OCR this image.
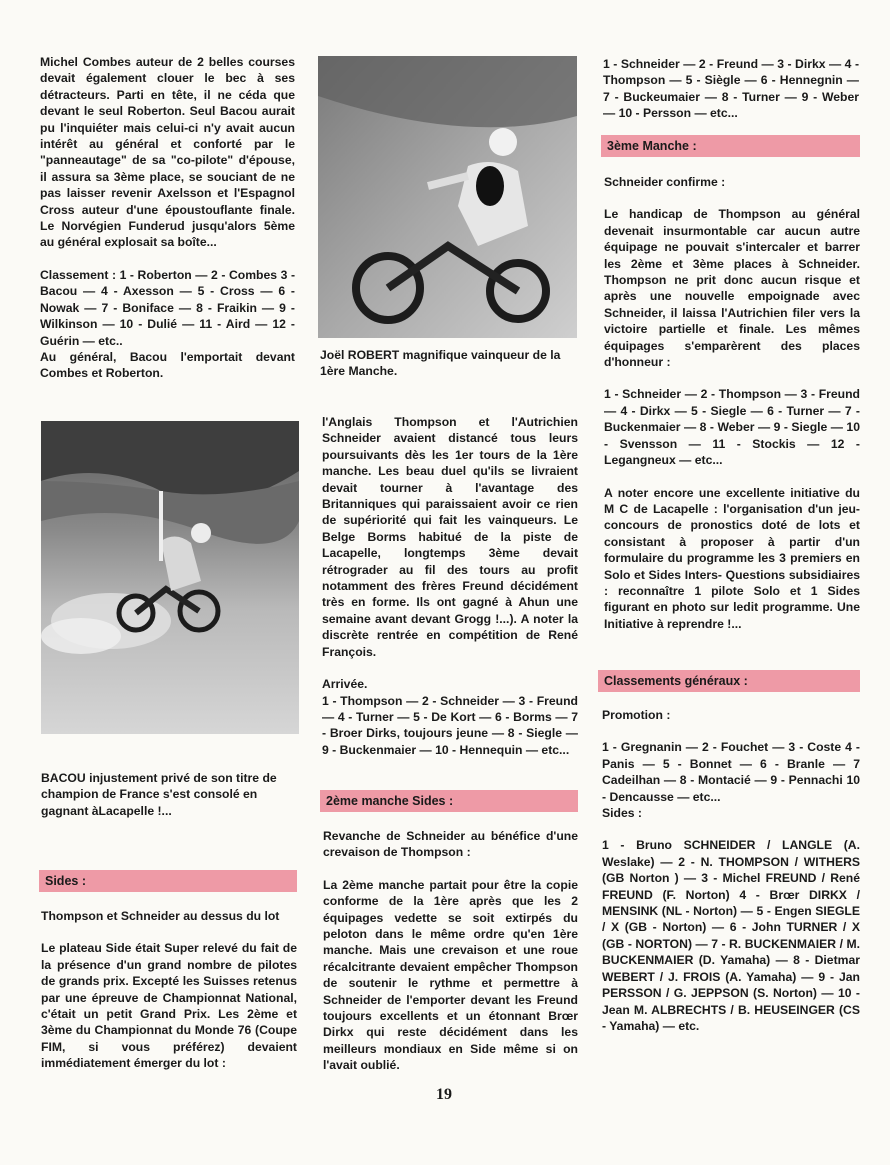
Michel Combes auteur de 2 belles courses devait également clouer le bec à ses détracteurs. Parti en tête, il ne céda que devant le seul Roberton. Seul Bacou aurait pu l'inquiéter mais celui-ci n'y avait aucun intérêt au général et conforté par le "panneautage" de sa "co-pilote" d'épouse, il assura sa 3ème place, se souciant de ne pas laisser revenir Axelsson et l'Espagnol Cross auteur d'une époustouflante finale. Le Norvégien Funderud jusqu'alors 5ème au général explosait sa boîte...

Classement : 1 - Roberton — 2 - Combes 3 - Bacou — 4 - Axesson — 5 - Cross — 6 - Nowak — 7 - Boniface — 8 - Fraikin — 9 - Wilkinson — 10 - Dulié — 11 - Aird — 12 - Guérin — etc..

Au général, Bacou l'emportait devant Combes et Roberton.

BACOU injustement privé de son titre de champion de France s'est consolé en gagnant àLacapelle !...
Sides :

Thompson et Schneider au dessus du lot

Le plateau Side était Super relevé du fait de la présence d'un grand nombre de pilotes de grands prix. Excepté les Suisses retenus par une épreuve de Championnat National, c'était un petit Grand Prix. Les 2ème et 3ème du Championnat du Monde 76 (Coupe FIM, si vous préférez) devaient immédiatement émerger du lot :

Joël ROBERT magnifique vainqueur de la 1ère Manche.

l'Anglais Thompson et l'Autrichien Schneider avaient distancé tous leurs poursuivants dès les 1er tours de la 1ère manche. Les beau duel qu'ils se livraient devait tourner à l'avantage des Britanniques qui paraissaient avoir ce rien de supériorité qui fait les vainqueurs. Le Belge Borms habitué de la piste de Lacapelle, longtemps 3ème devait rétrograder au fil des tours au profit notamment des frères Freund décidément très en forme. Ils ont gagné à Ahun une semaine avant devant Grogg !...). A noter la discrète rentrée en compétition de René François.

Arrivée.

1 - Thompson — 2 - Schneider — 3 - Freund — 4 - Turner — 5 - De Kort — 6 - Borms — 7 - Broer Dirks, toujours jeune — 8 - Siegle — 9 - Buckenmaier — 10 - Hennequin — etc...

2ème manche Sides :

Revanche de Schneider au bénéfice d'une crevaison de Thompson :

La 2ème manche partait pour être la copie conforme de la 1ère après que les 2 équipages vedette se soit extirpés du peloton dans le même ordre qu'en 1ère manche. Mais une crevaison et une roue récalcitrante devaient empêcher Thompson de soutenir le rythme et permettre à Schneider de l'emporter devant les Freund toujours excellents et un étonnant Brœr Dirkx qui reste décidément dans les meilleurs mondiaux en Side même si on l'avait oublié.

19
1 - Schneider — 2 - Freund — 3 - Dirkx — 4 - Thompson — 5 - Siègle — 6 - Hennegnin — 7 - Buckeumaier — 8 - Turner — 9 - Weber — 10 - Persson — etc...
3ème Manche :

Schneider confirme :

Le handicap de Thompson au général devenait insurmontable car aucun autre équipage ne pouvait s'intercaler et barrer les 2ème et 3ème places à Schneider. Thompson ne prit donc aucun risque et après une nouvelle empoignade avec Schneider, il laissa l'Autrichien filer vers la victoire partielle et finale. Les mêmes équipages s'emparèrent des places d'honneur :

1 - Schneider — 2 - Thompson — 3 - Freund — 4 - Dirkx — 5 - Siegle — 6 - Turner — 7 - Buckenmaier — 8 - Weber — 9 - Siegle — 10 - Svensson — 11 - Stockis — 12 - Legangneux — etc...

A noter encore une excellente initiative du M C de Lacapelle : l'organisation d'un jeu-concours de pronostics doté de lots et consistant à proposer à partir d'un formulaire du programme les 3 premiers en Solo et Sides Inters- Questions subsidiaires : reconnaître 1 pilote Solo et 1 Sides figurant en photo sur ledit programme. Une Initiative à reprendre !...

Classements généraux :

Promotion :

1 - Gregnanin — 2 - Fouchet — 3 - Coste 4 - Panis — 5 - Bonnet — 6 - Branle — 7 Cadeilhan — 8 - Montacié — 9 - Pennachi 10 - Dencausse — etc...

Sides :

1 - Bruno SCHNEIDER / LANGLE (A. Weslake) — 2 - N. THOMPSON / WITHERS (GB Norton ) — 3 - Michel FREUND / René FREUND (F. Norton) 4 - Brœr DIRKX / MENSINK (NL - Norton) — 5 - Engen SIEGLE / X (GB - Norton) — 6 - John TURNER / X (GB - NORTON) — 7 - R. BUCKENMAIER / M. BUCKENMAIER (D. Yamaha) — 8 - Dietmar WEBERT / J. FROIS (A. Yamaha) — 9 - Jan PERSSON / G. JEPPSON (S. Norton) — 10 - Jean M. ALBRECHTS / B. HEUSEINGER (CS - Yamaha) — etc.
